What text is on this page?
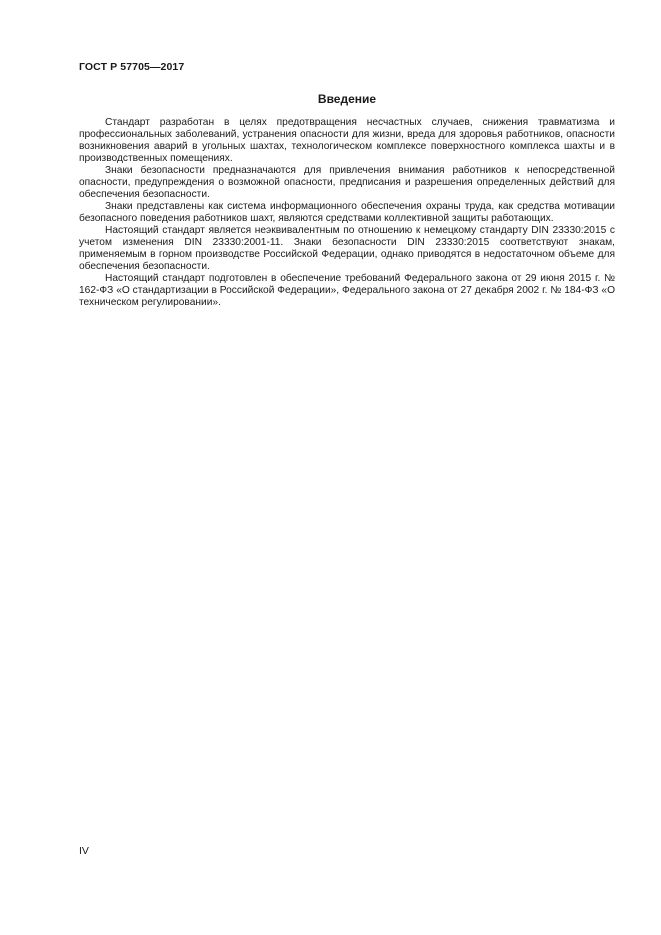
ГОСТ Р 57705—2017
Введение

Стандарт разработан в целях предотвращения несчастных случаев, снижения травматизма и профессиональных заболеваний, устранения опасности для жизни, вреда для здоровья работников, опасности возникновения аварий в угольных шахтах, технологическом комплексе поверхностного комплекса шахты и в производственных помещениях.

Знаки безопасности предназначаются для привлечения внимания работников к непосредственной опасности, предупреждения о возможной опасности, предписания и разрешения определенных действий для обеспечения безопасности.

Знаки представлены как система информационного обеспечения охраны труда, как средства мотивации безопасного поведения работников шахт, являются средствами коллективной защиты работающих.

Настоящий стандарт является неэквивалентным по отношению к немецкому стандарту DIN 23330:2015 с учетом изменения DIN 23330:2001-11. Знаки безопасности DIN 23330:2015 соответствуют знакам, применяемым в горном производстве Российской Федерации, однако приводятся в недостаточном объеме для обеспечения безопасности.

Настоящий стандарт подготовлен в обеспечение требований Федерального закона от 29 июня 2015 г. № 162-ФЗ «О стандартизации в Российской Федерации», Федерального закона от 27 декабря 2002 г. № 184-ФЗ «О техническом регулировании».

IV
